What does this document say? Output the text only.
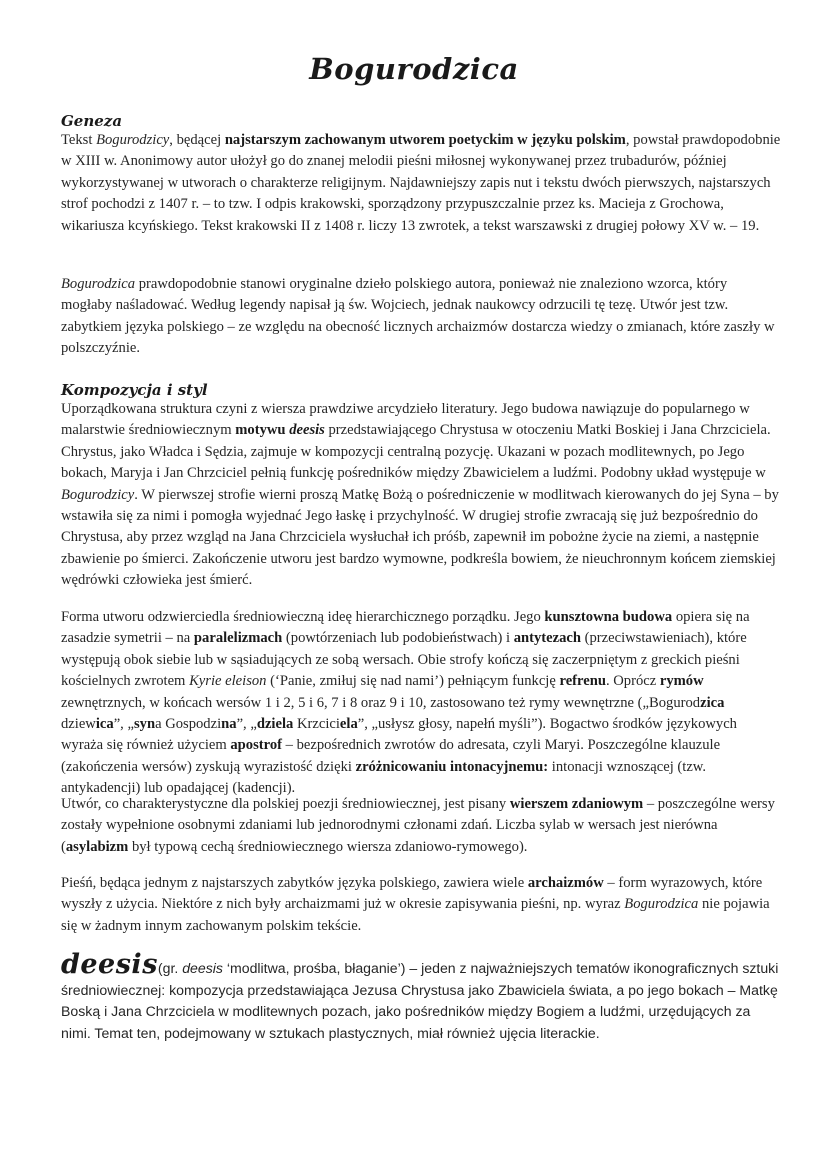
Bogurodzica
Geneza

Tekst Bogurodzicy, będącej najstarszym zachowanym utworem poetyckim w języku polskim, powstał prawdopodobnie w XIII w. Anonimowy autor ułożył go do znanej melodii pieśni miłosnej wykonywanej przez trubadurów, później wykorzystywanej w utworach o charakterze religijnym. Najdawniejszy zapis nut i tekstu dwóch pierwszych, najstarszych strof pochodzi z 1407 r. – to tzw. I odpis krakowski, sporządzony przypuszczalnie przez ks. Macieja z Grochowa, wikariusza kcyńskiego. Tekst krakowski II z 1408 r. liczy 13 zwrotek, a tekst warszawski z drugiej połowy XV w. – 19.

Bogurodzica prawdopodobnie stanowi oryginalne dzieło polskiego autora, ponieważ nie znaleziono wzorca, który mogłaby naśladować. Według legendy napisał ją św. Wojciech, jednak naukowcy odrzucili tę tezę. Utwór jest tzw. zabytkiem języka polskiego – ze względu na obecność licznych archaizmów dostarcza wiedzy o zmianach, które zaszły w polszczyźnie.

Kompozycja i styl

Uporządkowana struktura czyni z wiersza prawdziwe arcydzieło literatury. Jego budowa nawiązuje do popularnego w malarstwie średniowiecznym motywu deesis przedstawiającego Chrystusa w otoczeniu Matki Boskiej i Jana Chrzciciela. Chrystus, jako Władca i Sędzia, zajmuje w kompozycji centralną pozycję. Ukazani w pozach modlitewnych, po Jego bokach, Maryja i Jan Chrzciciel pełnią funkcję pośredników między Zbawicielem a ludźmi. Podobny układ występuje w Bogurodzicy. W pierwszej strofie wierni proszą Matkę Bożą o pośredniczenie w modlitwach kierowanych do jej Syna – by wstawiła się za nimi i pomogła wyjednać Jego łaskę i przychylność. W drugiej strofie zwracają się już bezpośrednio do Chrystusa, aby przez wzgląd na Jana Chrzciciela wysłuchał ich próśb, zapewnił im pobożne życie na ziemi, a następnie zbawienie po śmierci. Zakończenie utworu jest bardzo wymowne, podkreśla bowiem, że nieuchronnym końcem ziemskiej wędrówki człowieka jest śmierć.

Forma utworu odzwierciedla średniowieczną ideę hierarchicznego porządku. Jego kunsztowna budowa opiera się na zasadzie symetrii – na paralelizmach (powtórzeniach lub podobieństwach) i antytezach (przeciwstawieniach), które występują obok siebie lub w sąsiadujących ze sobą wersach. Obie strofy kończą się zaczerpniętym z greckich pieśni kościelnych zwrotem Kyrie eleison (‘Panie, zmiłuj się nad nami’) pełniącym funkcję refrenu. Oprócz rymów zewnętrznych, w końcach wersów 1 i 2, 5 i 6, 7 i 8 oraz 9 i 10, zastosowano też rymy wewnętrzne („Bogurodzica dziewica”, „syna Gospodzina”, „dziela Krzciciela”, „usłysz głosy, napełń myśli”). Bogactwo środków językowych wyraża się również użyciem apostrof – bezpośrednich zwrotów do adresata, czyli Maryi. Poszczególne klauzule (zakończenia wersów) zyskują wyrazistość dzięki zróżnicowaniu intonacyjnemu: intonacji wznoszącej (tzw. antykadencji) lub opadającej (kadencji).

Utwór, co charakterystyczne dla polskiej poezji średniowiecznej, jest pisany wierszem zdaniowym – poszczególne wersy zostały wypełnione osobnymi zdaniami lub jednorodnymi członami zdań. Liczba sylab w wersach jest nierówna (asylabizm był typową cechą średniowiecznego wiersza zdaniowo-rymowego).

Pieśń, będąca jednym z najstarszych zabytków języka polskiego, zawiera wiele archaizmów – form wyrazowych, które wyszły z użycia. Niektóre z nich były archaizmami już w okresie zapisywania pieśni, np. wyraz Bogurodzica nie pojawia się w żadnym innym zachowanym polskim tekście.

deesis(gr. deesis ‘modlitwa, prośba, błaganie’) – jeden z najważniejszych tematów ikonograficznych sztuki średniowiecznej: kompozycja przedstawiająca Jezusa Chrystusa jako Zbawiciela świata, a po jego bokach – Matkę Boską i Jana Chrzciciela w modlitewnych pozach, jako pośredników między Bogiem a ludźmi, urzędujących za nimi. Temat ten, podejmowany w sztukach plastycznych, miał również ujęcia literackie.
